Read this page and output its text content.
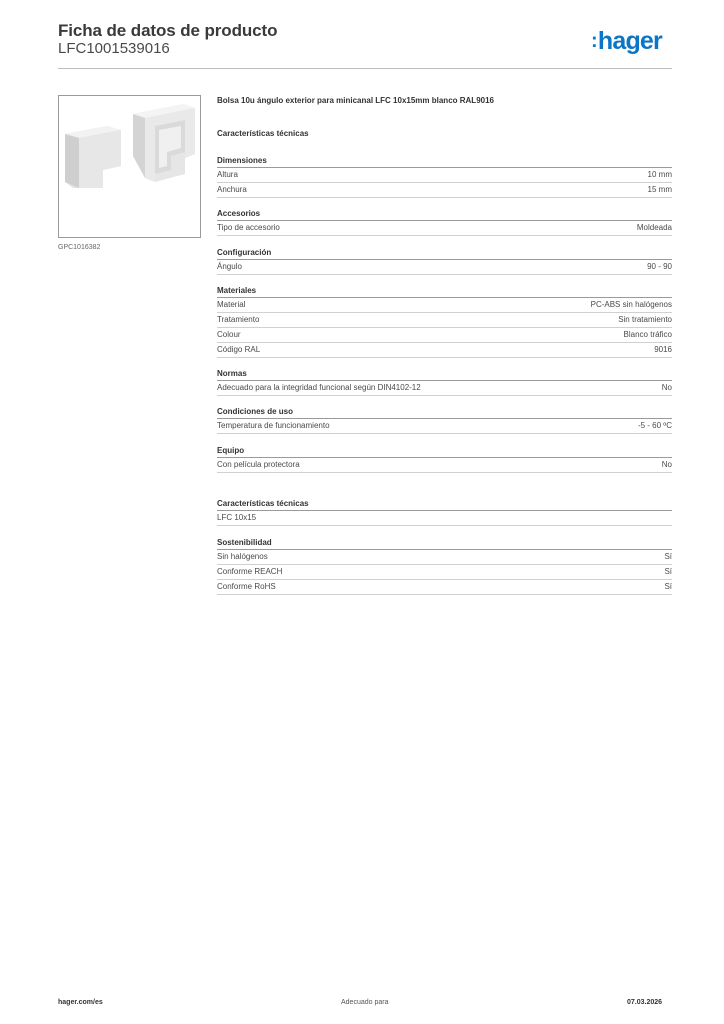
Ficha de datos de producto
LFC1001539016	:hager
GPC1016382
Bolsa 10u ángulo exterior para minicanal LFC 10x15mm blanco RAL9016
Características técnicas
Dimensiones
Altura	10 mm
Anchura	15 mm
Accesorios
Tipo de accesorio	Moldeada
Configuración
Ángulo	90 - 90
Materiales
Material	PC-ABS sin halógenos
Tratamiento	Sin tratamiento
Colour	Blanco tráfico
Código RAL	9016
Normas
Adecuado para la integridad funcional según DIN4102-12	No
Condiciones de uso
Temperatura de funcionamiento	-5 - 60 ºC
Equipo
Con película protectora	No
Características técnicas
LFC 10x15
Sostenibilidad
Sin halógenos	Sí
Conforme REACH	Sí
Conforme RoHS	Sí
hager.com/es	Adecuado para	07.03.2026
